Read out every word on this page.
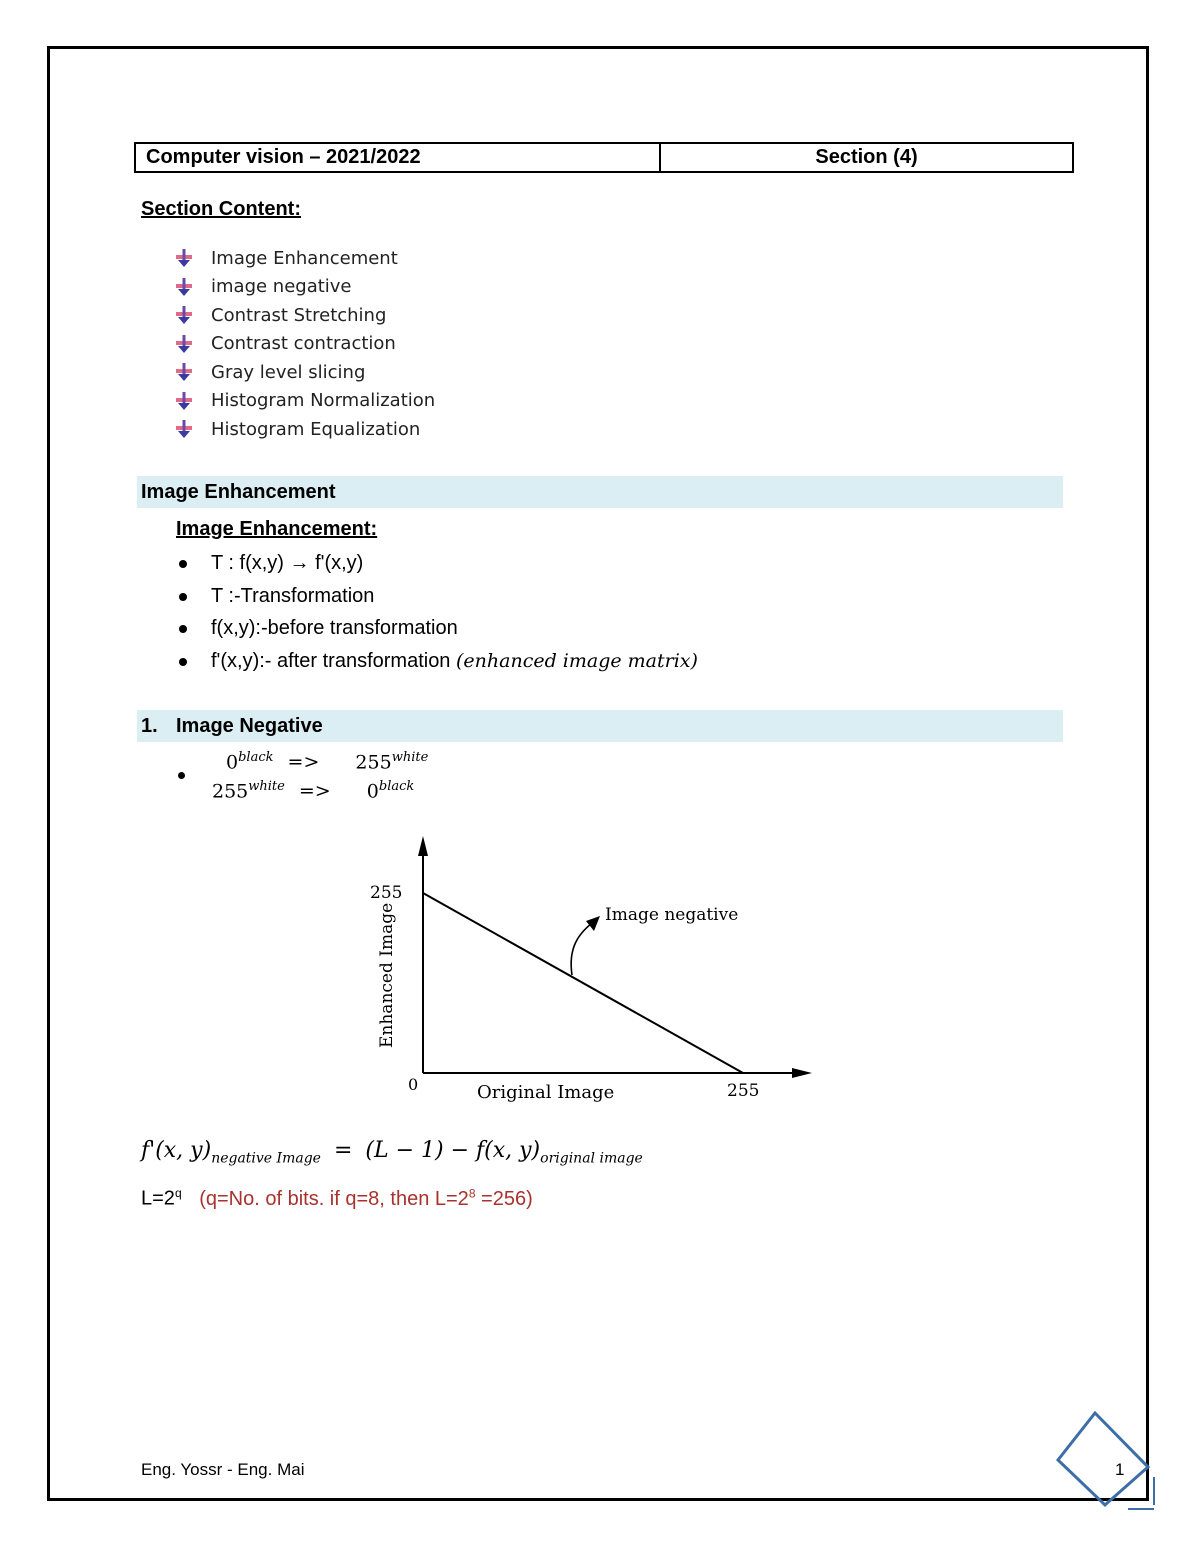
Computer vision – 2021/2022	Section (4)
Section Content:
Image Enhancement
image negative
Contrast Stretching
Contrast contraction
Gray level slicing
Histogram Normalization
Histogram Equalization
Image Enhancement
Image Enhancement:
T : f(x,y) → f'(x,y)
T :-Transformation
f(x,y):-before transformation
f'(x,y):- after transformation (enhanced image matrix)
1. Image Negative
$0^{black} => 255^{white}$
$255^{white} => 0^{black}$
Image negative
255
0	255
Original Image
Enhanced Image
f'(x, $y)_{negative Image} = (L - 1) - f(x$, $y)_{original image}$
$L=2^q$ (q=No. of bits. if q=8, then $L=2^8 =256$)
Eng. Yossr - Eng. Mai	1
